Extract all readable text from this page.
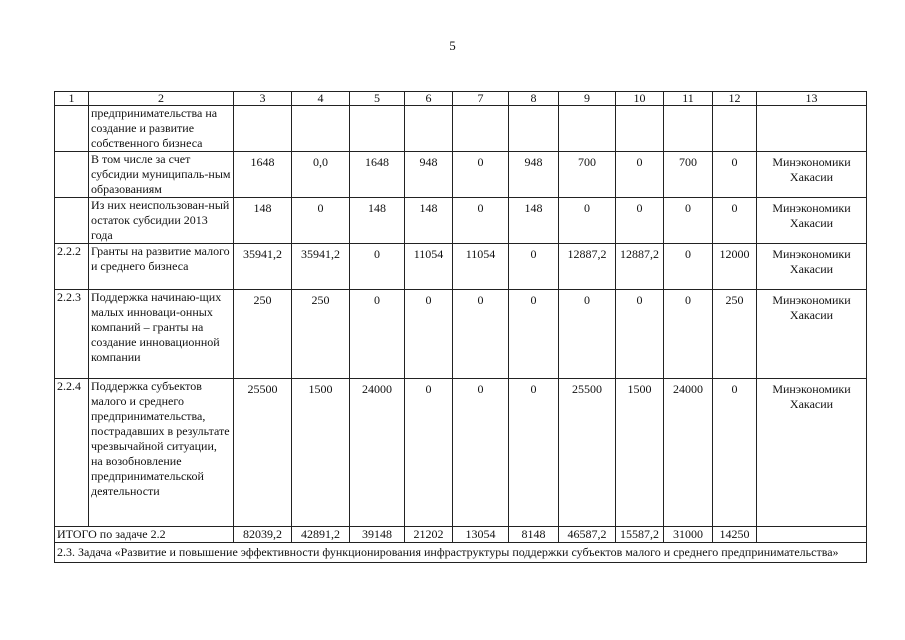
5
1	2	3	4	5	6	7	8	9	10	11	12	13
	предпринимательства на создание и развитие собственного бизнеса											
	В том числе за счет субсидии муниципаль-ным образованиям	1648	0,0	1648	948	0	948	700	0	700	0	Минэкономики Хакасии
	Из них неиспользован-ный остаток субсидии 2013 года	148	0	148	148	0	148	0	0	0	0	Минэкономики Хакасии
2.2.2	Гранты на развитие малого и среднего бизнеса	35941,2	35941,2	0	11054	11054	0	12887,2	12887,2	0	12000	Минэкономики Хакасии
2.2.3	Поддержка начинаю-щих малых инноваци-онных компаний – гранты на создание инновационной компании	250	250	0	0	0	0	0	0	0	250	Минэкономики Хакасии
2.2.4	Поддержка субъектов малого и среднего предпринимательства, пострадавших в результате чрезвычайной ситуации, на возобновление предпринимательской деятельности	25500	1500	24000	0	0	0	25500	1500	24000	0	Минэкономики Хакасии
ИТОГО по задаче 2.2		82039,2	42891,2	39148	21202	13054	8148	46587,2	15587,2	31000	14250	
2.3. Задача «Развитие и повышение эффективности функционирования инфраструктуры поддержки субъектов малого и среднего предпринимательства»												
